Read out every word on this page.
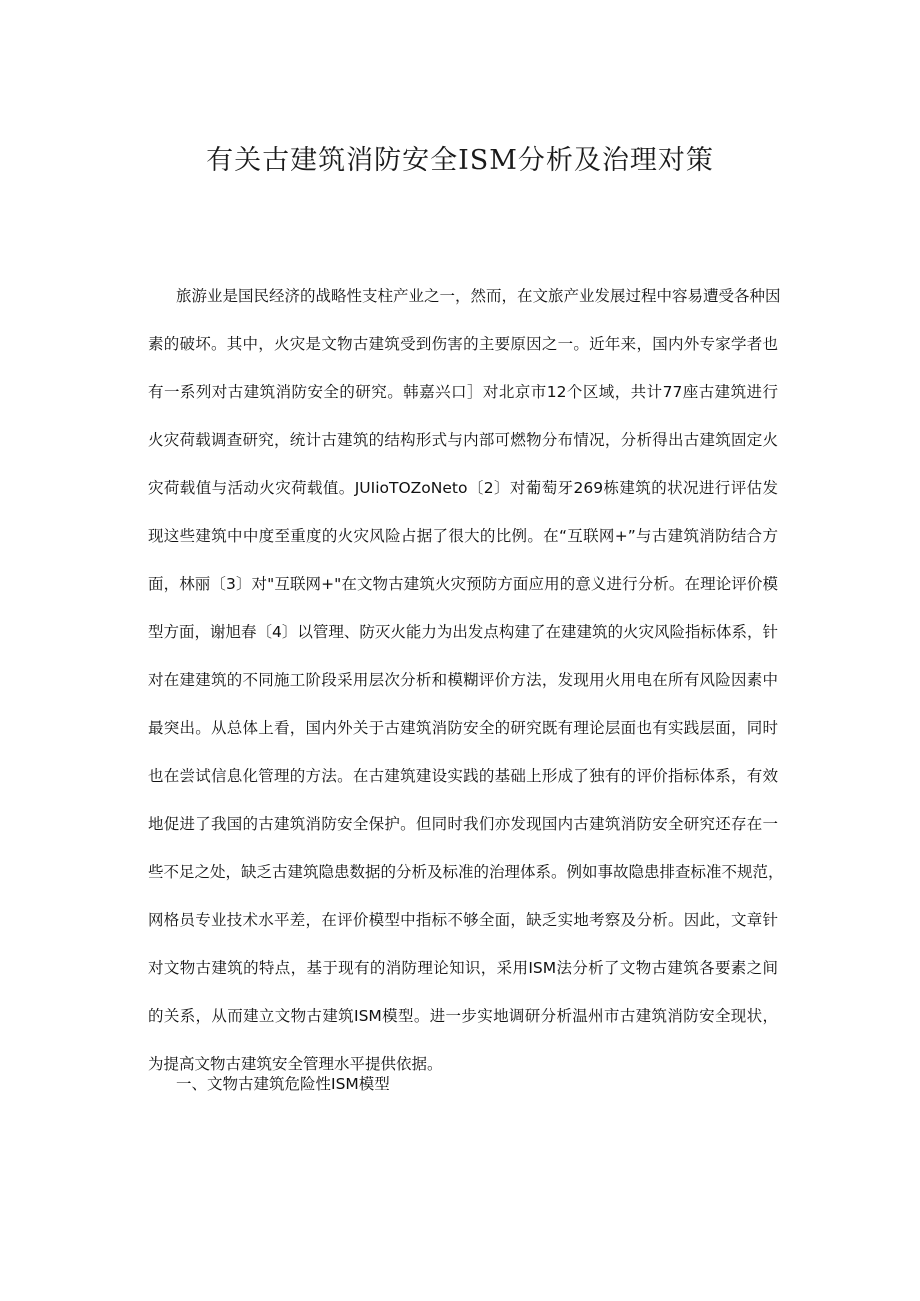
有关古建筑消防安全ISM分析及治理对策
旅游业是国民经济的战略性支柱产业之一，然而，在文旅产业发展过程中容易遭受各种因
素的破坏。其中，火灾是文物古建筑受到伤害的主要原因之一。近年来，国内外专家学者也
有一系列对古建筑消防安全的研究。韩嘉兴口］对北京市12个区域，共计77座古建筑进行
火灾荷载调查研究，统计古建筑的结构形式与内部可燃物分布情况，分析得出古建筑固定火
灾荷载值与活动火灾荷载值。JUIioTOZoNeto〔2〕对葡萄牙269栋建筑的状况进行评估发
现这些建筑中中度至重度的火灾风险占据了很大的比例。在“互联网+”与古建筑消防结合方
面，林丽〔3〕对"互联网+"在文物古建筑火灾预防方面应用的意义进行分析。在理论评价模
型方面，谢旭春〔4〕以管理、防灭火能力为出发点构建了在建建筑的火灾风险指标体系，针
对在建建筑的不同施工阶段采用层次分析和模糊评价方法，发现用火用电在所有风险因素中
最突出。从总体上看，国内外关于古建筑消防安全的研究既有理论层面也有实践层面，同时
也在尝试信息化管理的方法。在古建筑建设实践的基础上形成了独有的评价指标体系，有效
地促进了我国的古建筑消防安全保护。但同时我们亦发现国内古建筑消防安全研究还存在一
些不足之处，缺乏古建筑隐患数据的分析及标准的治理体系。例如事故隐患排查标准不规范，
网格员专业技术水平差，在评价模型中指标不够全面，缺乏实地考察及分析。因此，文章针
对文物古建筑的特点，基于现有的消防理论知识，采用ISM法分析了文物古建筑各要素之间
的关系，从而建立文物古建筑ISM模型。进一步实地调研分析温州市古建筑消防安全现状，
为提高文物古建筑安全管理水平提供依据。
一、文物古建筑危险性ISM模型
